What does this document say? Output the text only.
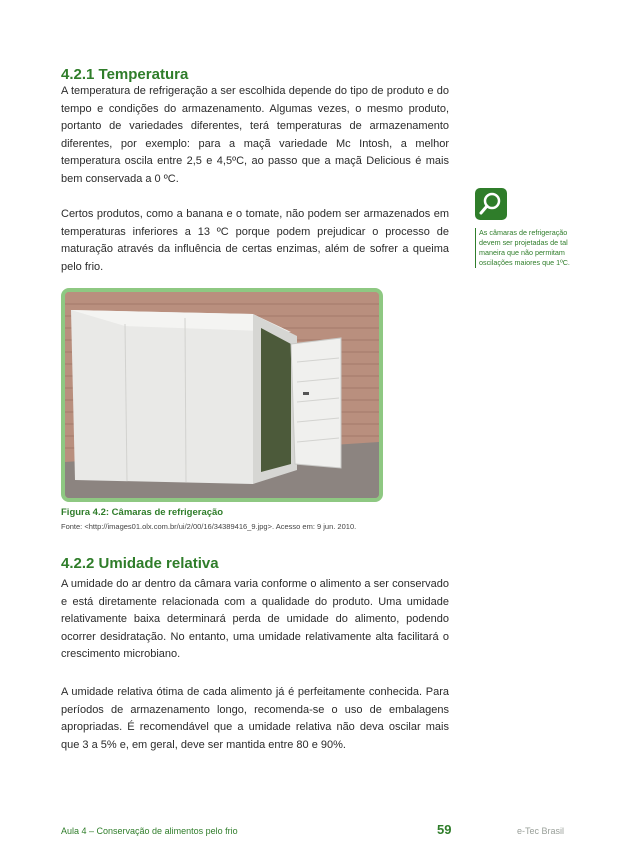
4.2.1 Temperatura

A temperatura de refrigeração a ser escolhida depende do tipo de produto e do tempo e condições do armazenamento. Algumas vezes, o mesmo produto, portanto de variedades diferentes, terá temperaturas de armazenamento diferentes, por exemplo: para a maçã variedade Mc Intosh, a melhor temperatura oscila entre 2,5 e 4,5ºC, ao passo que a maçã Delicious é mais bem conservada a 0 ºC.

Certos produtos, como a banana e o tomate, não podem ser armazenados em temperaturas inferiores a 13 ºC porque podem prejudicar o processo de maturação através da influência de certas enzimas, além de sofrer a queima pelo frio.

As câmaras de refrigeração devem ser projetadas de tal maneira que não permitam oscilações maiores que 1ºC.
Figura 4.2: Câmaras de refrigeração
Fonte: <http://images01.olx.com.br/ui/2/00/16/34389416_9.jpg>. Acesso em: 9 jun. 2010.
4.2.2 Umidade relativa

A umidade do ar dentro da câmara varia conforme o alimento a ser conservado e está diretamente relacionada com a qualidade do produto. Uma umidade relativamente baixa determinará perda de umidade do alimento, podendo ocorrer desidratação. No entanto, uma umidade relativamente alta facilitará o crescimento microbiano.

A umidade relativa ótima de cada alimento já é perfeitamente conhecida. Para períodos de armazenamento longo, recomenda-se o uso de embalagens apropriadas. É recomendável que a umidade relativa não deva oscilar mais que 3 a 5% e, em geral, deve ser mantida entre 80 e 90%.

Aula 4 – Conservação de alimentos pelo frio	59	e-Tec Brasil
